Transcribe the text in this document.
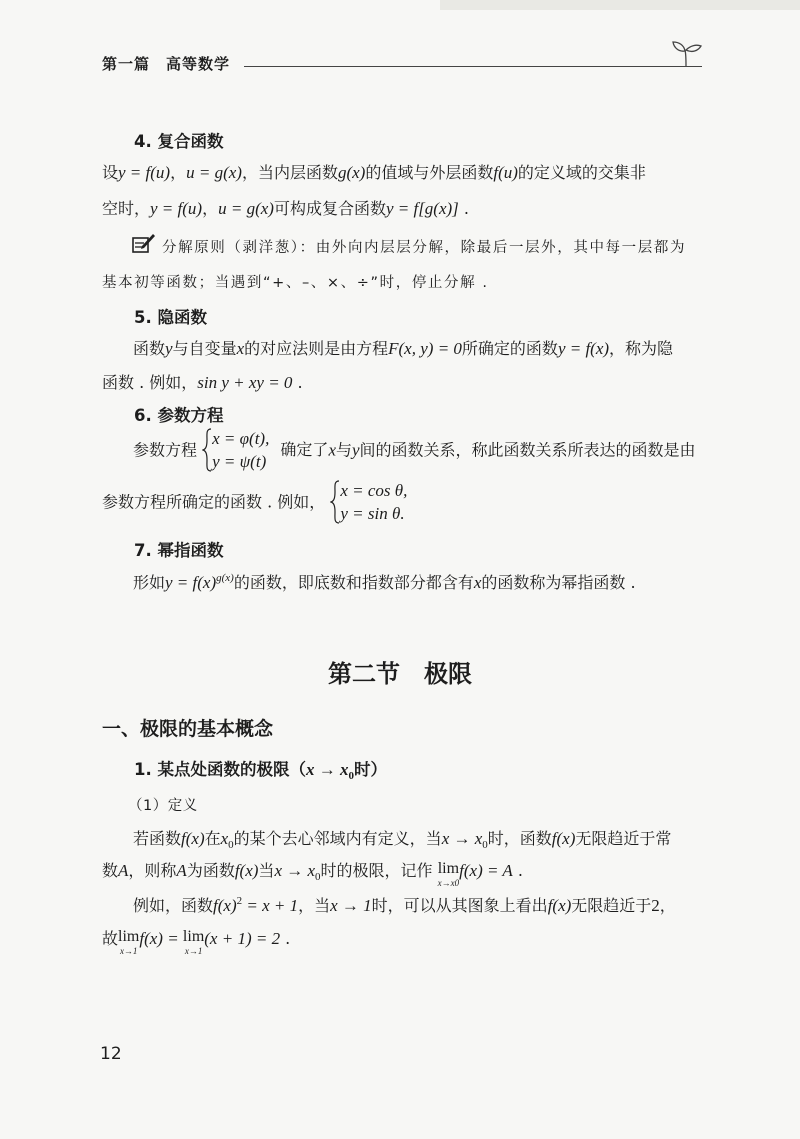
第一篇　高等数学
4. 复合函数
设y = f(u)，u = g(x)，当内层函数g(x)的值域与外层函数f(u)的定义域的交集非
空时，y = f(u)，u = g(x)可构成复合函数y = f[g(x)] .
分解原则（剥洋葱）：由外向内层层分解，除最后一层外，其中每一层都为
基本初等函数；当遇到“+、–、×、÷”时，停止分解 .
5. 隐函数
函数y与自变量x的对应法则是由方程F(x, y) = 0所确定的函数y = f(x)，称为隐
函数 . 例如，sin y + xy = 0 .
6. 参数方程
参数方程
x = φ(t),
y = ψ(t)
确定了x与y间的函数关系，称此函数关系所表达的函数是由
参数方程所确定的函数 . 例如，
x = cos θ,
y = sin θ.
7. 幂指函数
形如$y = f(x)^{g(x)}$的函数，即底数和指数部分都含有x的函数称为幂指函数 .
第二节　极限
一、极限的基本概念
1. 某点处函数的极限（$x \to x_0$时）
（1）定义
若函数f(x)在$x_0$的某个去心邻域内有定义，当$x \to x_0$时，函数f(x)无限趋近于常
数A，则称A为函数f(x)当$x \to x_0$时的极限，记作 lim
x→x0
f(x) = A .
例如，函数$f(x)^2 = x + 1$，当x → 1时，可以从其图象上看出f(x)无限趋近于2，
故 lim
x→1
f(x) = lim
x→1
(x + 1) = 2 .
12
